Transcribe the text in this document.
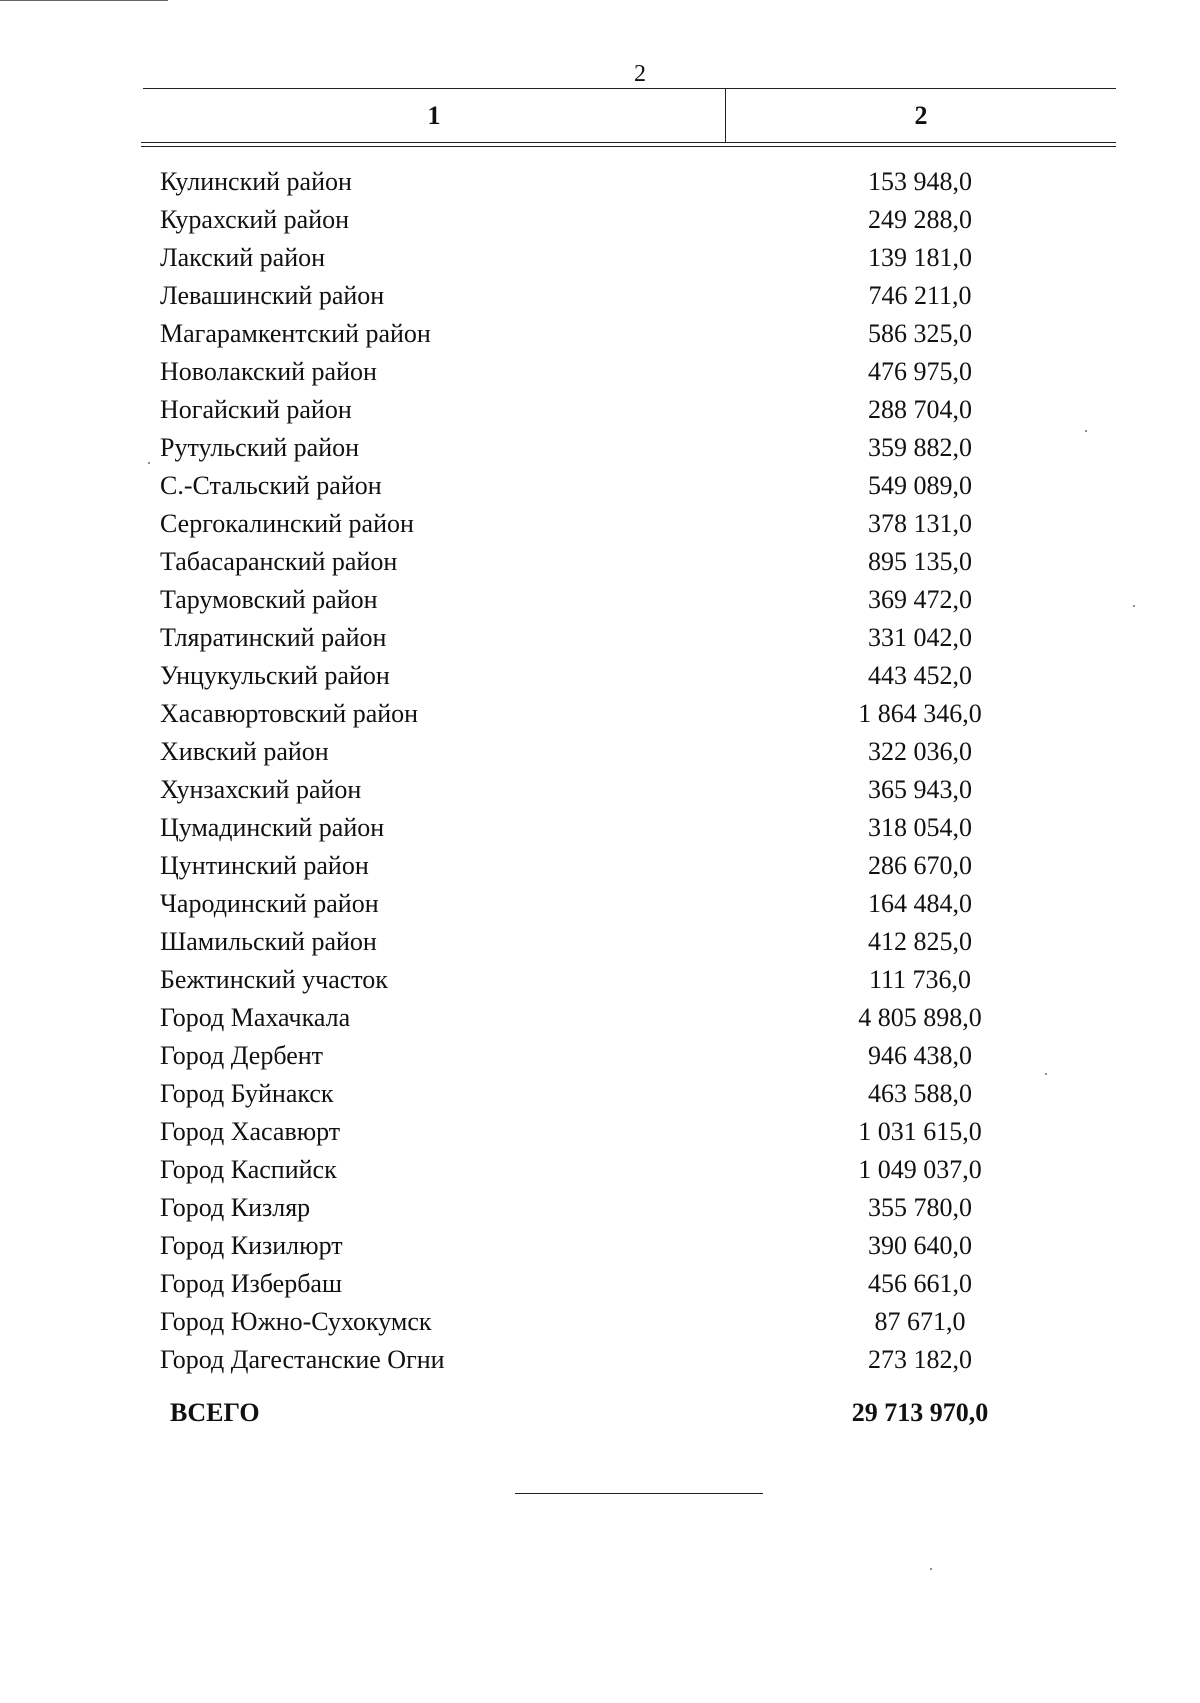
2
1	2
Кулинский район	153 948,0
Курахский район	249 288,0
Лакский район	139 181,0
Левашинский район	746 211,0
Магарамкентский район	586 325,0
Новолакский район	476 975,0
Ногайский район	288 704,0
Рутульский район	359 882,0
С.-Стальский район	549 089,0
Сергокалинский район	378 131,0
Табасаранский район	895 135,0
Тарумовский район	369 472,0
Тляратинский район	331 042,0
Унцукульский район	443 452,0
Хасавюртовский район	1 864 346,0
Хивский район	322 036,0
Хунзахский район	365 943,0
Цумадинский район	318 054,0
Цунтинский район	286 670,0
Чародинский район	164 484,0
Шамильский район	412 825,0
Бежтинский участок	111 736,0
Город Махачкала	4 805 898,0
Город Дербент	946 438,0
Город Буйнакск	463 588,0
Город Хасавюрт	1 031 615,0
Город Каспийск	1 049 037,0
Город Кизляр	355 780,0
Город Кизилюрт	390 640,0
Город Избербаш	456 661,0
Город Южно-Сухокумск	87 671,0
Город Дагестанские Огни	273 182,0
ВСЕГО	29 713 970,0
